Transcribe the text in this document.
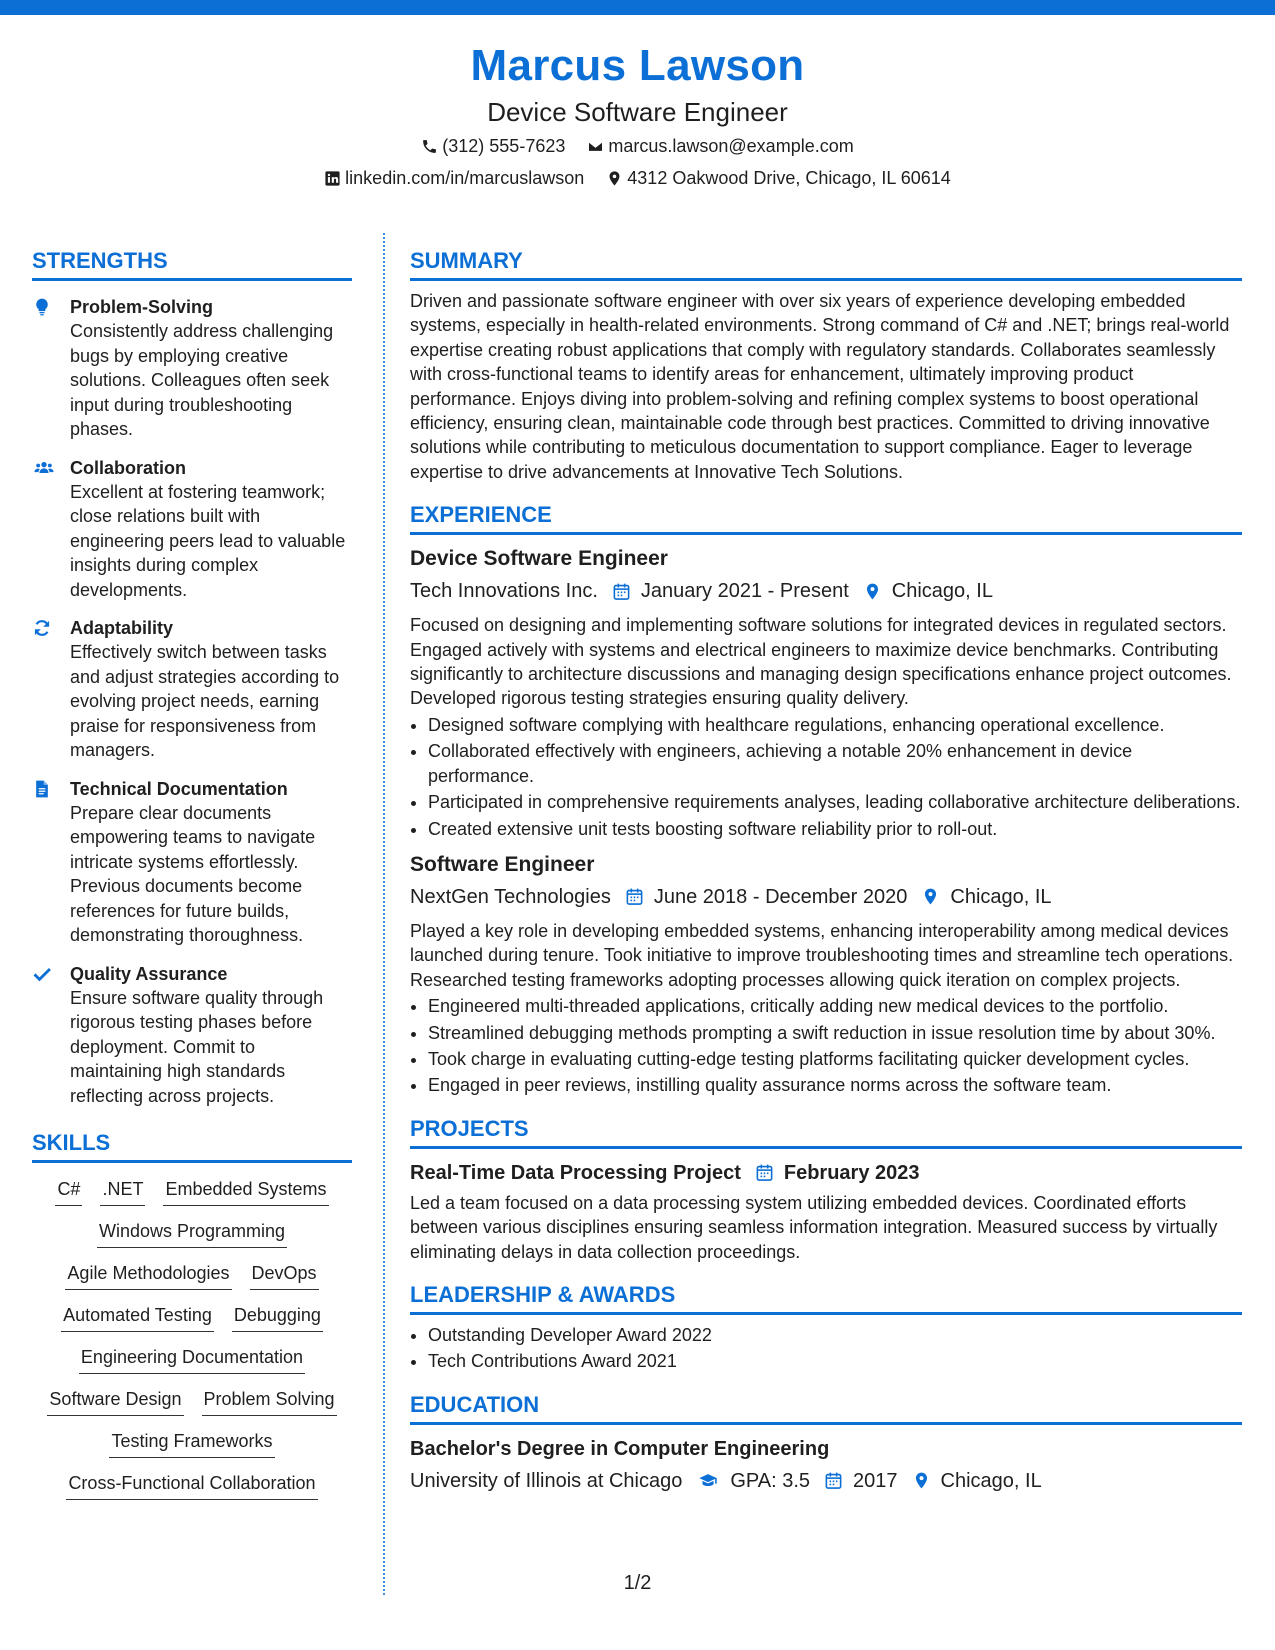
Marcus Lawson
Device Software Engineer
(312) 555-7623 marcus.lawson@example.com
linkedin.com/in/marcuslawson 4312 Oakwood Drive, Chicago, IL 60614
STRENGTHS
Problem-Solving
Consistently address challenging bugs by employing creative solutions. Colleagues often seek input during troubleshooting phases.
Collaboration
Excellent at fostering teamwork; close relations built with engineering peers lead to valuable insights during complex developments.
Adaptability
Effectively switch between tasks and adjust strategies according to evolving project needs, earning praise for responsiveness from managers.
Technical Documentation
Prepare clear documents empowering teams to navigate intricate systems effortlessly. Previous documents become references for future builds, demonstrating thoroughness.
Quality Assurance
Ensure software quality through rigorous testing phases before deployment. Commit to maintaining high standards reflecting across projects.
SKILLS
C# .NET Embedded Systems
Windows Programming
Agile Methodologies DevOps
Automated Testing Debugging
Engineering Documentation
Software Design Problem Solving
Testing Frameworks
Cross-Functional Collaboration
SUMMARY
Driven and passionate software engineer with over six years of experience developing embedded systems, especially in health-related environments. Strong command of C# and .NET; brings real-world expertise creating robust applications that comply with regulatory standards. Collaborates seamlessly with cross-functional teams to identify areas for enhancement, ultimately improving product performance. Enjoys diving into problem-solving and refining complex systems to boost operational efficiency, ensuring clean, maintainable code through best practices. Committed to driving innovative solutions while contributing to meticulous documentation to support compliance. Eager to leverage expertise to drive advancements at Innovative Tech Solutions.
EXPERIENCE
Device Software Engineer
Tech Innovations Inc. January 2021 - Present Chicago, IL
Focused on designing and implementing software solutions for integrated devices in regulated sectors. Engaged actively with systems and electrical engineers to maximize device benchmarks. Contributing significantly to architecture discussions and managing design specifications enhance project outcomes. Developed rigorous testing strategies ensuring quality delivery.
• Designed software complying with healthcare regulations, enhancing operational excellence.
• Collaborated effectively with engineers, achieving a notable 20% enhancement in device performance.
• Participated in comprehensive requirements analyses, leading collaborative architecture deliberations.
• Created extensive unit tests boosting software reliability prior to roll-out.
Software Engineer
NextGen Technologies June 2018 - December 2020 Chicago, IL
Played a key role in developing embedded systems, enhancing interoperability among medical devices launched during tenure. Took initiative to improve troubleshooting times and streamline tech operations. Researched testing frameworks adopting processes allowing quick iteration on complex projects.
• Engineered multi-threaded applications, critically adding new medical devices to the portfolio.
• Streamlined debugging methods prompting a swift reduction in issue resolution time by about 30%.
• Took charge in evaluating cutting-edge testing platforms facilitating quicker development cycles.
• Engaged in peer reviews, instilling quality assurance norms across the software team.
PROJECTS
Real-Time Data Processing Project February 2023
Led a team focused on a data processing system utilizing embedded devices. Coordinated efforts between various disciplines ensuring seamless information integration. Measured success by virtually eliminating delays in data collection proceedings.
LEADERSHIP & AWARDS
• Outstanding Developer Award 2022
• Tech Contributions Award 2021
EDUCATION
Bachelor's Degree in Computer Engineering
University of Illinois at Chicago GPA: 3.5 2017 Chicago, IL
1/2
